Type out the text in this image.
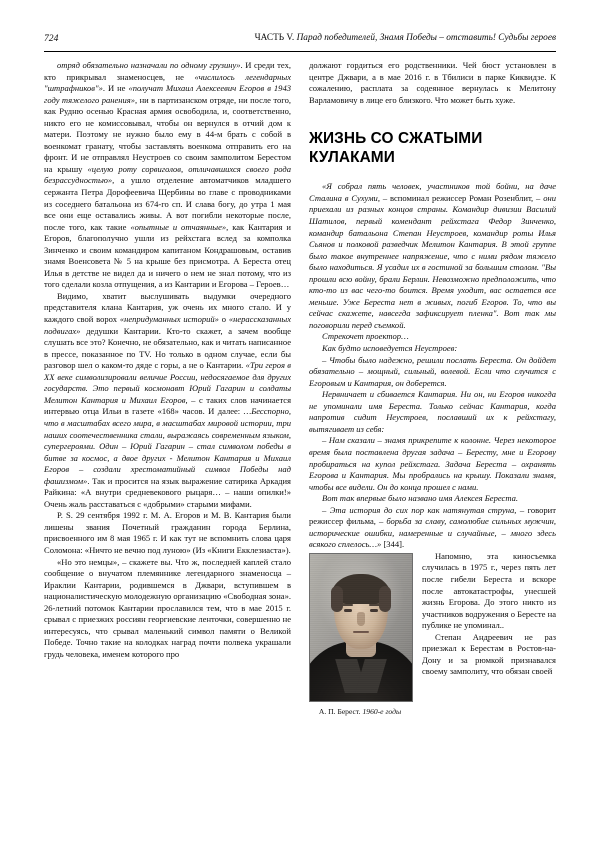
724	ЧАСТЬ V. Парад победителей, Знамя Победы – отставить! Судьбы героев

отряд обязательно назначали по одному грузину». И среди тех, кто прикрывал знаменосцев, не «числилось легендарных "штрафников"». И не «получат Михаил Алексеевич Егоров в 1943 году тяжелого ранения», ни в партизанском отряде, ни после того, как Рудню осенью Красная армия освободила, и, соответственно, никто его не комиссовывал, чтобы он вернулся в отчий дом к матери. Поэтому не нужно было ему в 44-м брать с собой в военкомат гранату, чтобы заставлять военкома отправить его на фронт. И не отправлял Неустроев со своим замполитом Берестом на крышу «целую роту сорвиголов, отличавшихся своего рода безрассудностью», а ушло отделение автоматчиков младшего сержанта Петра Дорофеевича Щербины во главе с проводниками из соседнего батальона из 674-го сп. И слава богу, до утра 1 мая все они еще оставались живы. А вот погибли некоторые после, после того, как такие «опытные и отчаянные», как Кантария и Егоров, благополучно ушли из рейхстага вслед за комполка Зинченко и своим командиром капитаном Кондрашовым, оставив знамя Военсовета № 5 на крыше без присмотра. А Береста отец Илья в детстве не видел да и ничего о нем не знал потому, что из того сделали козла отпущения, а из Кантарии и Егорова – Героев…

Видимо, хватит выслушивать выдумки очередного представителя клана Кантария, уж очень их много стало. И у каждого свой ворох «непридуманных историй» о «нерассказанных подвигах» дедушки Кантарии. Кто-то скажет, а зачем вообще слушать все это? Конечно, не обязательно, как и читать написанное в прессе, показанное по TV. Но только в одном случае, если бы разговор шел о каком-то дяде с горы, а не о Кантарии. «Три героя в XX веке символизировали величие России, недосягаемое для других государств. Это первый космонавт Юрий Гагарин и солдаты Мелитон Кантария и Михаил Егоров, – с таких слов начинается интервью отца Ильи в газете «168» часов. И далее: …Бесспорно, что в масштабах всего мира, в масштабах мировой истории, три наших соотечественника стали, выражаясь современным языком, супергероями. Один – Юрий Гагарин – стал символом победы в битве за космос, а двое других - Мелитон Кантария и Михаил Егоров – создали хрестоматийный символ Победы над фашизмом». Так и просится на язык выражение сатирика Аркадия Райкина: «А внутри средневекового рыцаря… – наши опилки!» Очень жаль расставаться с «добрыми» старыми мифами.

P. S. 29 сентября 1992 г. М. А. Егоров и М. В. Кантария были лишены звания Почетный гражданин города Берлина, присвоенного им 8 мая 1965 г. И как тут не вспомнить слова царя Соломона: «Ничто не вечно под луною» (Из «Книги Екклезиаста»).

«Но это немцы», – скажете вы. Что ж, последней каплей стало сообщение о внучатом племяннике легендарного знаменосца – Ираклии Кантарии, родившемся в Джвари, вступившем в националистическую молодежную организацию «Свободная зона». 26-летний потомок Кантарии прославился тем, что в мае 2015 г. срывал с приезжих россиян георгиевские ленточки, совершенно не интересуясь, что срывал маленький символ памяти о Великой Победе. Точно такие на колодках наград почти полвека украшали грудь человека, именем которого про

должают гордиться его родственники. Чей бюст установлен в центре Джвари, а в мае 2016 г. в Тбилиси в парке Киквидзе. К сожалению, расплата за содеянное вернулась к Мелитону Варламовичу в лице его близкого. Что может быть хуже.

ЖИЗНЬ СО СЖАТЫМИ КУЛАКАМИ

«Я собрал пять человек, участников той бойни, на даче Сталина в Сухуми, – вспоминал режиссер Роман Розенблит, – они приехали из разных концов страны. Командир дивизии Василий Шатилов, первый комендант рейхстага Федор Зинченко, командир батальона Степан Неустроев, командир роты Илья Сьянов и полковой разведчик Мелитон Кантария. В этой группе было такое внутреннее напряжение, что с ними рядом тяжело было находиться. Я усадил их в гостиной за большим столом. "Вы прошли всю войну, брали Берлин. Невозможно предположить, что кто-то из вас чего-то боится. Время уходит, вас остается все меньше. Уже Береста нет в живых, погиб Егоров. То, что вы сейчас скажете, навсегда зафиксирует пленка". Вот так мы поговорили перед съемкой.

Стрекочет проектор…

Как будто исповедуется Неустроев:

– Чтобы было надежно, решили послать Береста. Он дойдет обязательно – мощный, сильный, волевой. Если что случится с Егоровым и Кантария, он доберется.

Нервничает и сбивается Кантария. Ни он, ни Егоров никогда не упоминали имя Береста. Только сейчас Кантария, когда напротив сидит Неустроев, пославший их к рейхстагу, вытягивает из себя:

– Нам сказали – знамя прикрепите к колонне. Через некоторое время была поставлена другая задача – Бересту, мне и Егорову пробираться на купол рейхстага. Задача Береста – охранять Егорова и Кантария. Мы пробрались на крышу. Показали знамя, чтобы все видели. Он до конца прошел с нами.

Вот так впервые было названо имя Алексея Береста.

– Эта история до сих пор как натянутая струна, – говорит режиссер фильма, – борьба за славу, самолюбие сильных мужчин, исторические ошибки, намеренные и случайные, – много здесь всякого сплелось…» [344].

А. П. Берест. 1960-е годы

Напомню, эта киносъемка случилась в 1975 г., через пять лет после гибели Береста и вскоре после автокатастрофы, унесшей жизнь Егорова. До этого никто из участников водружения о Бересте на публике не упоминал..

Степан Андреевич не раз приезжал к Берестам в Ростов-на-Дону и за рюмкой признавался своему замполиту, что обязан своей
